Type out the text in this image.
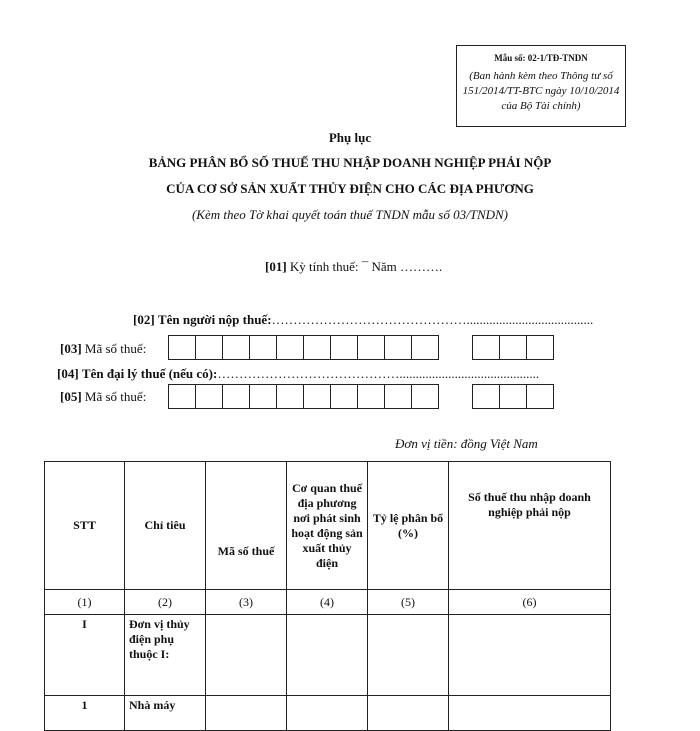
Mẫu số: 02-1/TĐ-TNDN
(Ban hành kèm theo Thông tư số 151/2014/TT-BTC ngày 10/10/2014 của Bộ Tài chính)
Phụ lục
BẢNG PHÂN BỔ SỐ THUẾ THU NHẬP DOANH NGHIỆP PHẢI NỘP
CỦA CƠ SỞ SẢN XUẤT THỦY ĐIỆN CHO CÁC ĐỊA PHƯƠNG
(Kèm theo Tờ khai quyết toán thuế TNDN mẫu số 03/TNDN)
[01] Kỳ tính thuế: ¯ Năm ……….
[02] Tên người nộp thuế:……………………………………….......................................
[03] Mã số thuế:
[04] Tên đại lý thuế (nếu có):……………………………………...........................................
[05] Mã số thuế:
Đơn vị tiền: đồng Việt Nam
STT	Chỉ tiêu	Mã số thuế	Cơ quan thuế địa phương nơi phát sinh hoạt động sản xuất thủy điện	Tỷ lệ phân bổ (%)	Số thuế thu nhập doanh nghiệp phải nộp
(1)	(2)	(3)	(4)	(5)	(6)
I	Đơn vị thủy điện phụ thuộc I:				
1	Nhà máy				
